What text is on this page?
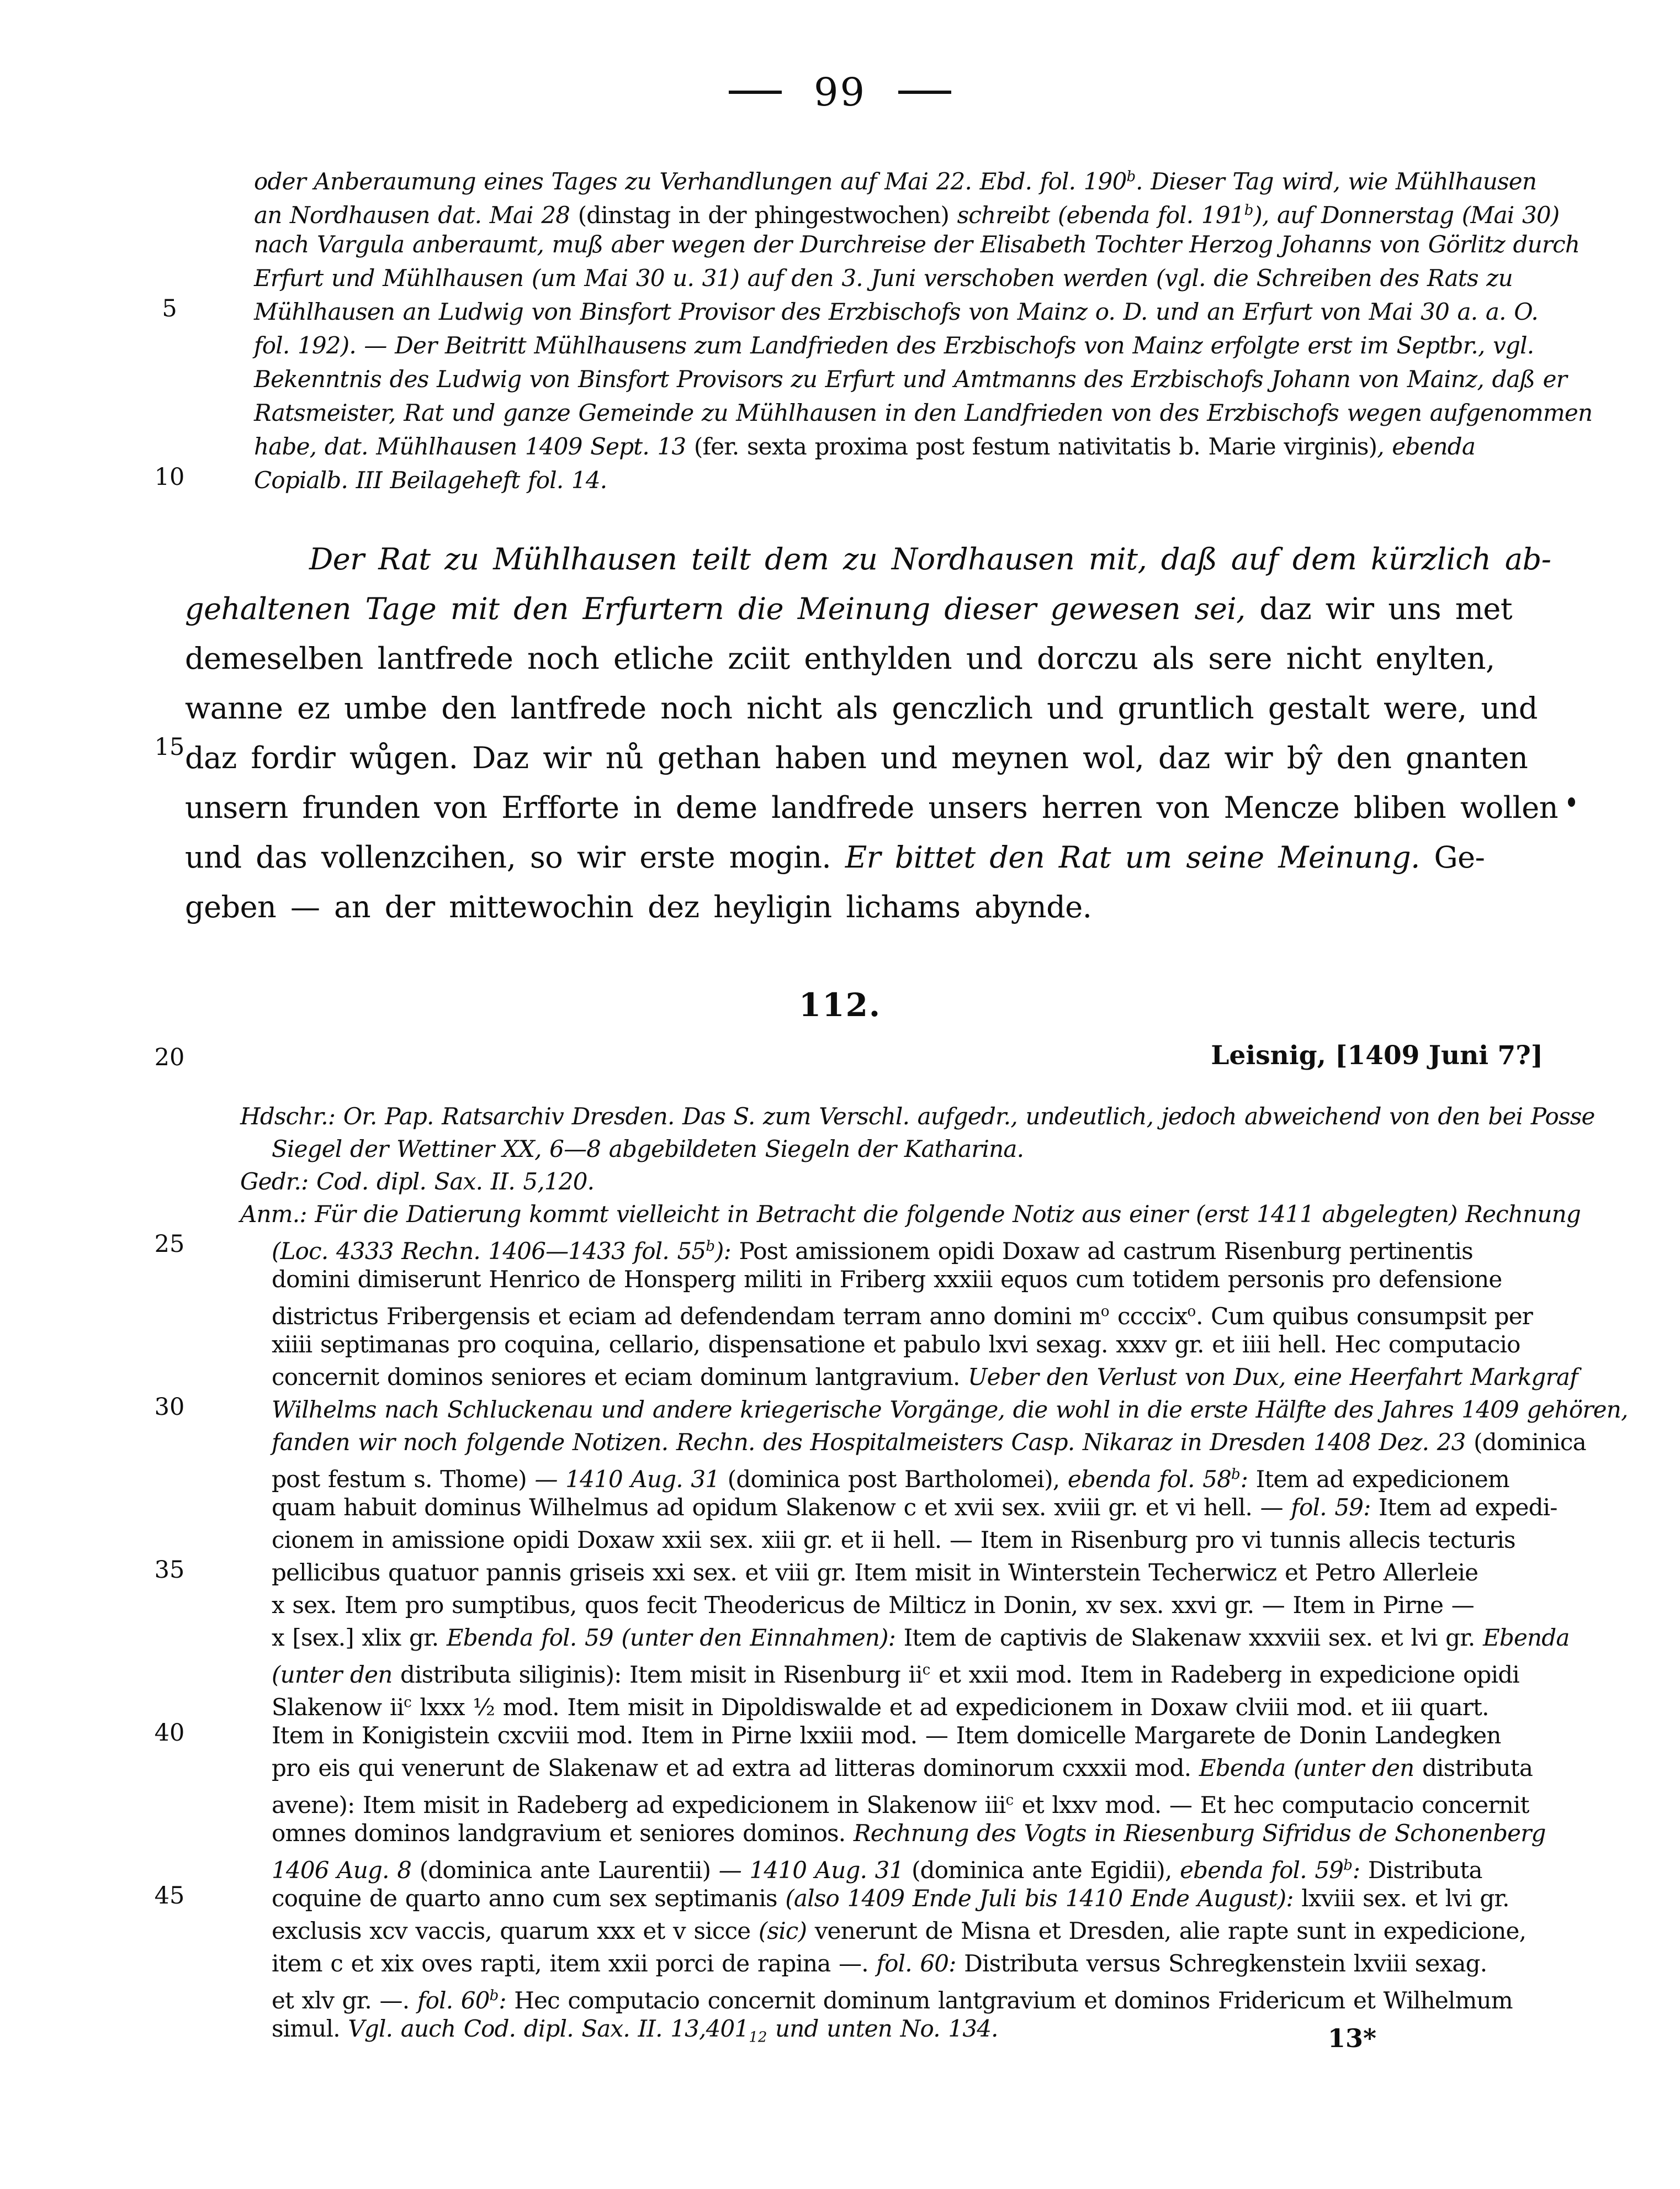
99
5
10
15
20
25
30
35
40
45
oder Anberaumung eines Tages zu Verhandlungen auf Mai 22. Ebd. fol. 190$^b$. Dieser Tag wird, wie Mühlhausen
an Nordhausen dat. Mai 28 (dinstag in der phingestwochen) schreibt (ebenda fol. 191$^b$), auf Donnerstag (Mai 30)
nach Vargula anberaumt, muß aber wegen der Durchreise der Elisabeth Tochter Herzog Johanns von Görlitz durch
Erfurt und Mühlhausen (um Mai 30 u. 31) auf den 3. Juni verschoben werden (vgl. die Schreiben des Rats zu
Mühlhausen an Ludwig von Binsfort Provisor des Erzbischofs von Mainz o. D. und an Erfurt von Mai 30 a. a. O.
fol. 192). — Der Beitritt Mühlhausens zum Landfrieden des Erzbischofs von Mainz erfolgte erst im Septbr., vgl.
Bekenntnis des Ludwig von Binsfort Provisors zu Erfurt und Amtmanns des Erzbischofs Johann von Mainz, daß er
Ratsmeister, Rat und ganze Gemeinde zu Mühlhausen in den Landfrieden von des Erzbischofs wegen aufgenommen
habe, dat. Mühlhausen 1409 Sept. 13 (fer. sexta proxima post festum nativitatis b. Marie virginis), ebenda
Copialb. III Beilageheft fol. 14.
Der Rat zu Mühlhausen teilt dem zu Nordhausen mit, daß auf dem kürzlich ab-
gehaltenen Tage mit den Erfurtern die Meinung dieser gewesen sei, daz wir uns met
demeselben lantfrede noch etliche zciit enthylden und dorczu als sere nicht enylten,
wanne ez umbe den lantfrede noch nicht als genczlich und gruntlich gestalt were, und
daz fordir wůgen. Daz wir nů gethan haben und meynen wol, daz wir bŷ den gnanten
unsern frunden von Erfforte in deme landfrede unsers herren von Mencze bliben wollen
und das vollenzcihen, so wir erste mogin. Er bittet den Rat um seine Meinung. Ge-
geben — an der mittewochin dez heyligin lichams abynde.
112.
Leisnig, [1409 Juni 7?]
Hdschr.: Or. Pap. Ratsarchiv Dresden. Das S. zum Verschl. aufgedr., undeutlich, jedoch abweichend von den bei Posse
Siegel der Wettiner XX, 6—8 abgebildeten Siegeln der Katharina.
Gedr.: Cod. dipl. Sax. II. 5,120.
Anm.: Für die Datierung kommt vielleicht in Betracht die folgende Notiz aus einer (erst 1411 abgelegten) Rechnung
(Loc. 4333 Rechn. 1406—1433 fol. 55$^b$): Post amissionem opidi Doxaw ad castrum Risenburg pertinentis
domini dimiserunt Henrico de Honsperg militi in Friberg xxxiii equos cum totidem personis pro defensione
districtus Fribergensis et eciam ad defendendam terram anno domini $m^o$ ccccix$^o$. Cum quibus consumpsit per
xiiii septimanas pro coquina, cellario, dispensatione et pabulo lxvi sexag. xxxv gr. et iiii hell. Hec computacio
concernit dominos seniores et eciam dominum lantgravium. Ueber den Verlust von Dux, eine Heerfahrt Markgraf
Wilhelms nach Schluckenau und andere kriegerische Vorgänge, die wohl in die erste Hälfte des Jahres 1409 gehören,
fanden wir noch folgende Notizen. Rechn. des Hospitalmeisters Casp. Nikaraz in Dresden 1408 Dez. 23 (dominica
post festum s. Thome) — 1410 Aug. 31 (dominica post Bartholomei), ebenda fol. 58$^b$: Item ad expedicionem
quam habuit dominus Wilhelmus ad opidum Slakenow c et xvii sex. xviii gr. et vi hell. — fol. 59: Item ad expedi-
cionem in amissione opidi Doxaw xxii sex. xiii gr. et ii hell. — Item in Risenburg pro vi tunnis allecis tecturis
pellicibus quatuor pannis griseis xxi sex. et viii gr. Item misit in Winterstein Techerwicz et Petro Allerleie
x sex. Item pro sumptibus, quos fecit Theodericus de Milticz in Donin, xv sex. xxvi gr. — Item in Pirne —
x [sex.] xlix gr. Ebenda fol. 59 (unter den Einnahmen): Item de captivis de Slakenaw xxxviii sex. et lvi gr. Ebenda
(unter den distributa siliginis): Item misit in Risenburg $ii^c$ et xxii mod. Item in Radeberg in expedicione opidi
Slakenow $ii^c$ lxxx ½ mod. Item misit in Dipoldiswalde et ad expedicionem in Doxaw clviii mod. et iii quart.
Item in Konigistein cxcviii mod. Item in Pirne lxxiii mod. — Item domicelle Margarete de Donin Landegken
pro eis qui venerunt de Slakenaw et ad extra ad litteras dominorum cxxxii mod. Ebenda (unter den distributa
avene): Item misit in Radeberg ad expedicionem in Slakenow iii$^c$ et lxxv mod. — Et hec computacio concernit
omnes dominos landgravium et seniores dominos. Rechnung des Vogts in Riesenburg Sifridus de Schonenberg
1406 Aug. 8 (dominica ante Laurentii) — 1410 Aug. 31 (dominica ante Egidii), ebenda fol. 59$^b$: Distributa
coquine de quarto anno cum sex septimanis (also 1409 Ende Juli bis 1410 Ende August): lxviii sex. et lvi gr.
exclusis xcv vaccis, quarum xxx et v sicce (sic) venerunt de Misna et Dresden, alie rapte sunt in expedicione,
item c et xix oves rapti, item xxii porci de rapina —. fol. 60: Distributa versus Schregkenstein lxviii sexag.
et xlv gr. —. fol. 60$^b$: Hec computacio concernit dominum lantgravium et dominos Fridericum et Wilhelmum
simul. Vgl. auch Cod. dipl. Sax. II. $13,401_{12}$ und unten No. 134.	13*
